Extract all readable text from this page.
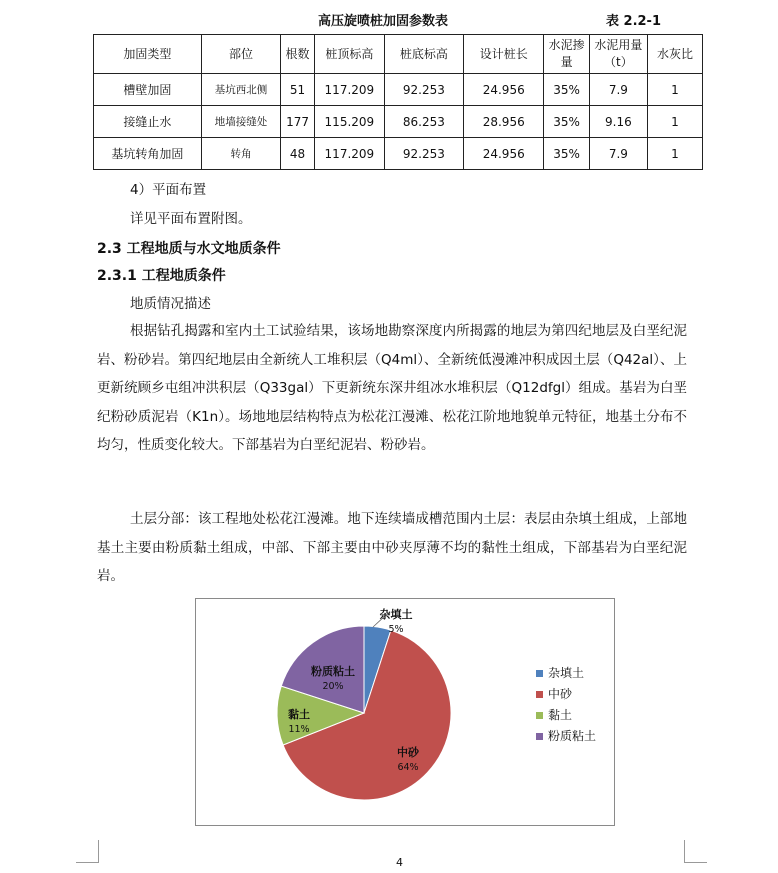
高压旋喷桩加固参数表	表 2.2-1
加固类型	部位	根数	桩顶标高	桩底标高	设计桩长	水泥掺量	水泥用量（t）	水灰比
槽壁加固	基坑西北侧	51	117.209	92.253	24.956	35%	7.9	1
接缝止水	地墙接缝处	177	115.209	86.253	28.956	35%	9.16	1
基坑转角加固	转角	48	117.209	92.253	24.956	35%	7.9	1
4）平面布置
详见平面布置附图。
2.3 工程地质与水文地质条件
2.3.1 工程地质条件
地质情况描述
根据钻孔揭露和室内土工试验结果，该场地勘察深度内所揭露的地层为第四纪地层及白垩纪泥岩、粉砂岩。第四纪地层由全新统人工堆积层（Q4ml）、全新统低漫滩冲积成因土层（Q42al）、上更新统顾乡屯组冲洪积层（Q33gal）下更新统东深井组冰水堆积层（Q12dfgl）组成。基岩为白垩纪粉砂质泥岩（K1n）。场地地层结构特点为松花江漫滩、松花江阶地地貌单元特征，地基土分布不均匀，性质变化较大。下部基岩为白垩纪泥岩、粉砂岩。
土层分部：该工程地处松花江漫滩。地下连续墙成槽范围内土层：表层由杂填土组成，上部地基土主要由粉质黏土组成，中部、下部主要由中砂夹厚薄不均的黏性土组成，下部基岩为白垩纪泥岩。
杂填土
5%
中砂
64%
黏土
11%
粉质粘土
20%
杂填土
中砂
黏土
粉质粘土
4
